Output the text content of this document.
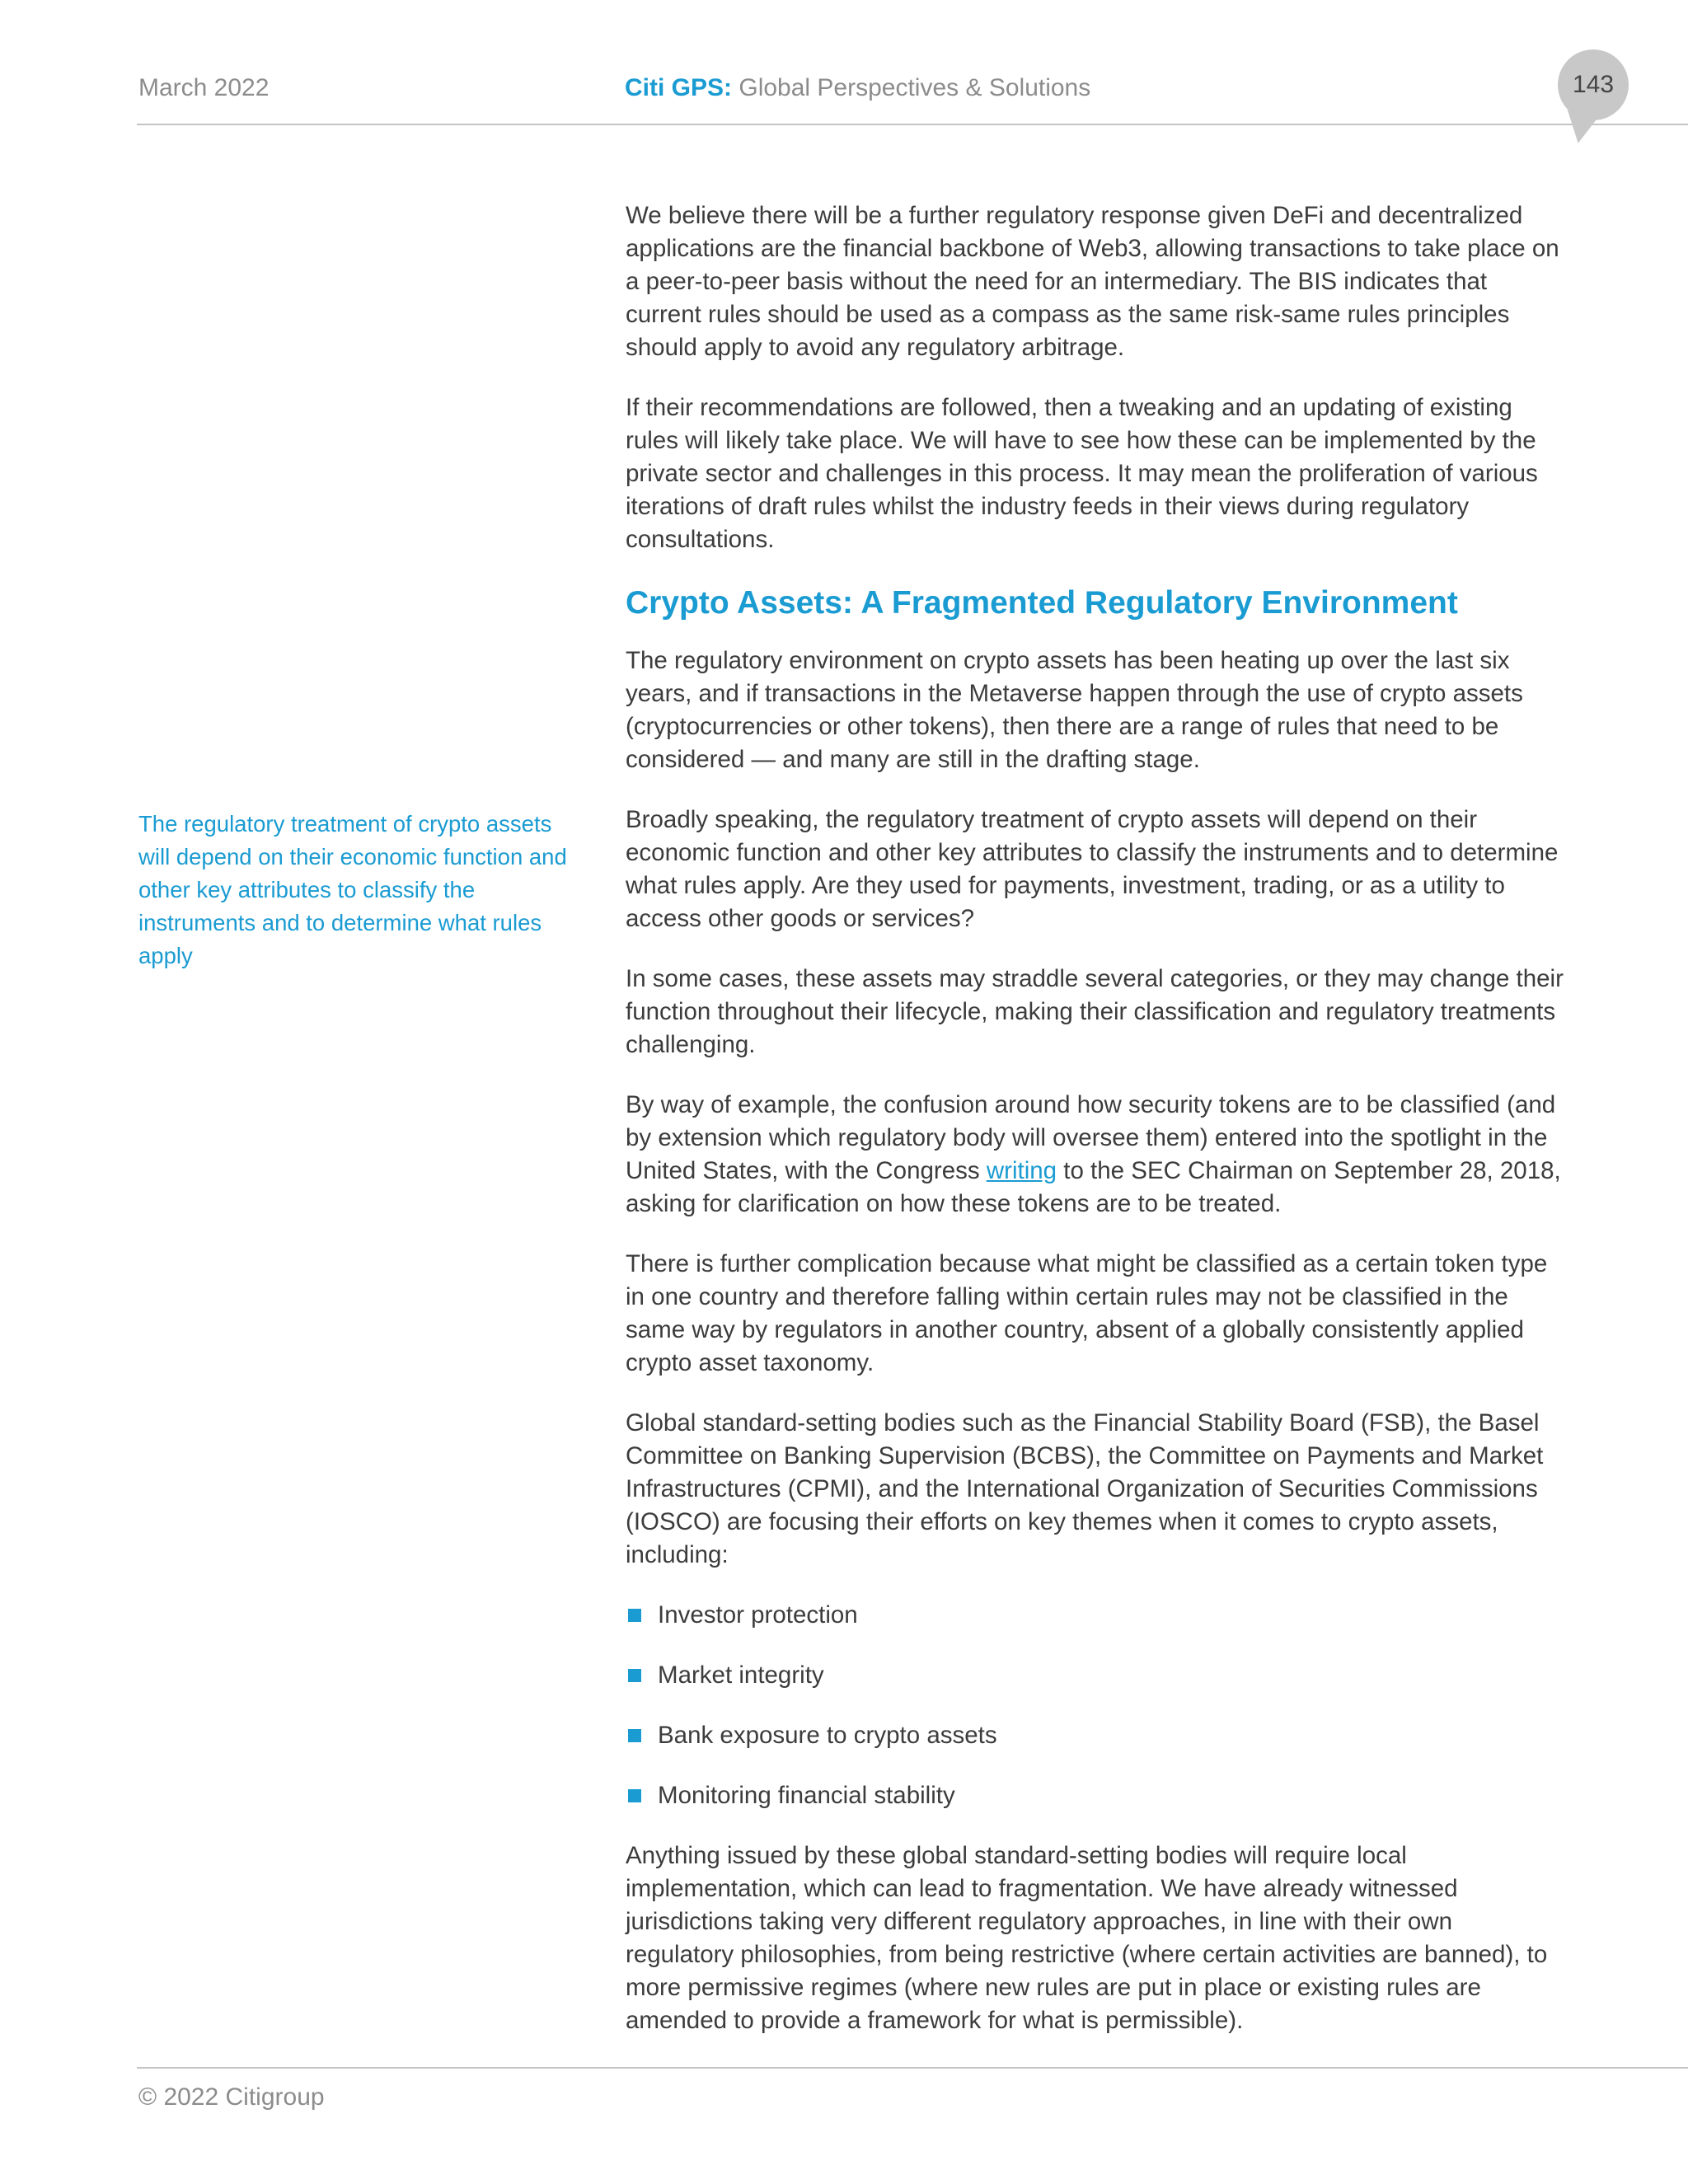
March 2022	Citi GPS: Global Perspectives & Solutions	143
The regulatory treatment of crypto assets will depend on their economic function and other key attributes to classify the instruments and to determine what rules apply

We believe there will be a further regulatory response given DeFi and decentralized applications are the financial backbone of Web3, allowing transactions to take place on a peer-to-peer basis without the need for an intermediary. The BIS indicates that current rules should be used as a compass as the same risk-same rules principles should apply to avoid any regulatory arbitrage.

If their recommendations are followed, then a tweaking and an updating of existing rules will likely take place. We will have to see how these can be implemented by the private sector and challenges in this process. It may mean the proliferation of various iterations of draft rules whilst the industry feeds in their views during regulatory consultations.

Crypto Assets: A Fragmented Regulatory Environment

The regulatory environment on crypto assets has been heating up over the last six years, and if transactions in the Metaverse happen through the use of crypto assets (cryptocurrencies or other tokens), then there are a range of rules that need to be considered — and many are still in the drafting stage.

Broadly speaking, the regulatory treatment of crypto assets will depend on their economic function and other key attributes to classify the instruments and to determine what rules apply. Are they used for payments, investment, trading, or as a utility to access other goods or services?

In some cases, these assets may straddle several categories, or they may change their function throughout their lifecycle, making their classification and regulatory treatments challenging.

By way of example, the confusion around how security tokens are to be classified (and by extension which regulatory body will oversee them) entered into the spotlight in the United States, with the Congress writing to the SEC Chairman on September 28, 2018, asking for clarification on how these tokens are to be treated.

There is further complication because what might be classified as a certain token type in one country and therefore falling within certain rules may not be classified in the same way by regulators in another country, absent of a globally consistently applied crypto asset taxonomy.

Global standard-setting bodies such as the Financial Stability Board (FSB), the Basel Committee on Banking Supervision (BCBS), the Committee on Payments and Market Infrastructures (CPMI), and the International Organization of Securities Commissions (IOSCO) are focusing their efforts on key themes when it comes to crypto assets, including:

Investor protection
Market integrity
Bank exposure to crypto assets
Monitoring financial stability

Anything issued by these global standard-setting bodies will require local implementation, which can lead to fragmentation. We have already witnessed jurisdictions taking very different regulatory approaches, in line with their own regulatory philosophies, from being restrictive (where certain activities are banned), to more permissive regimes (where new rules are put in place or existing rules are amended to provide a framework for what is permissible).

© 2022 Citigroup
